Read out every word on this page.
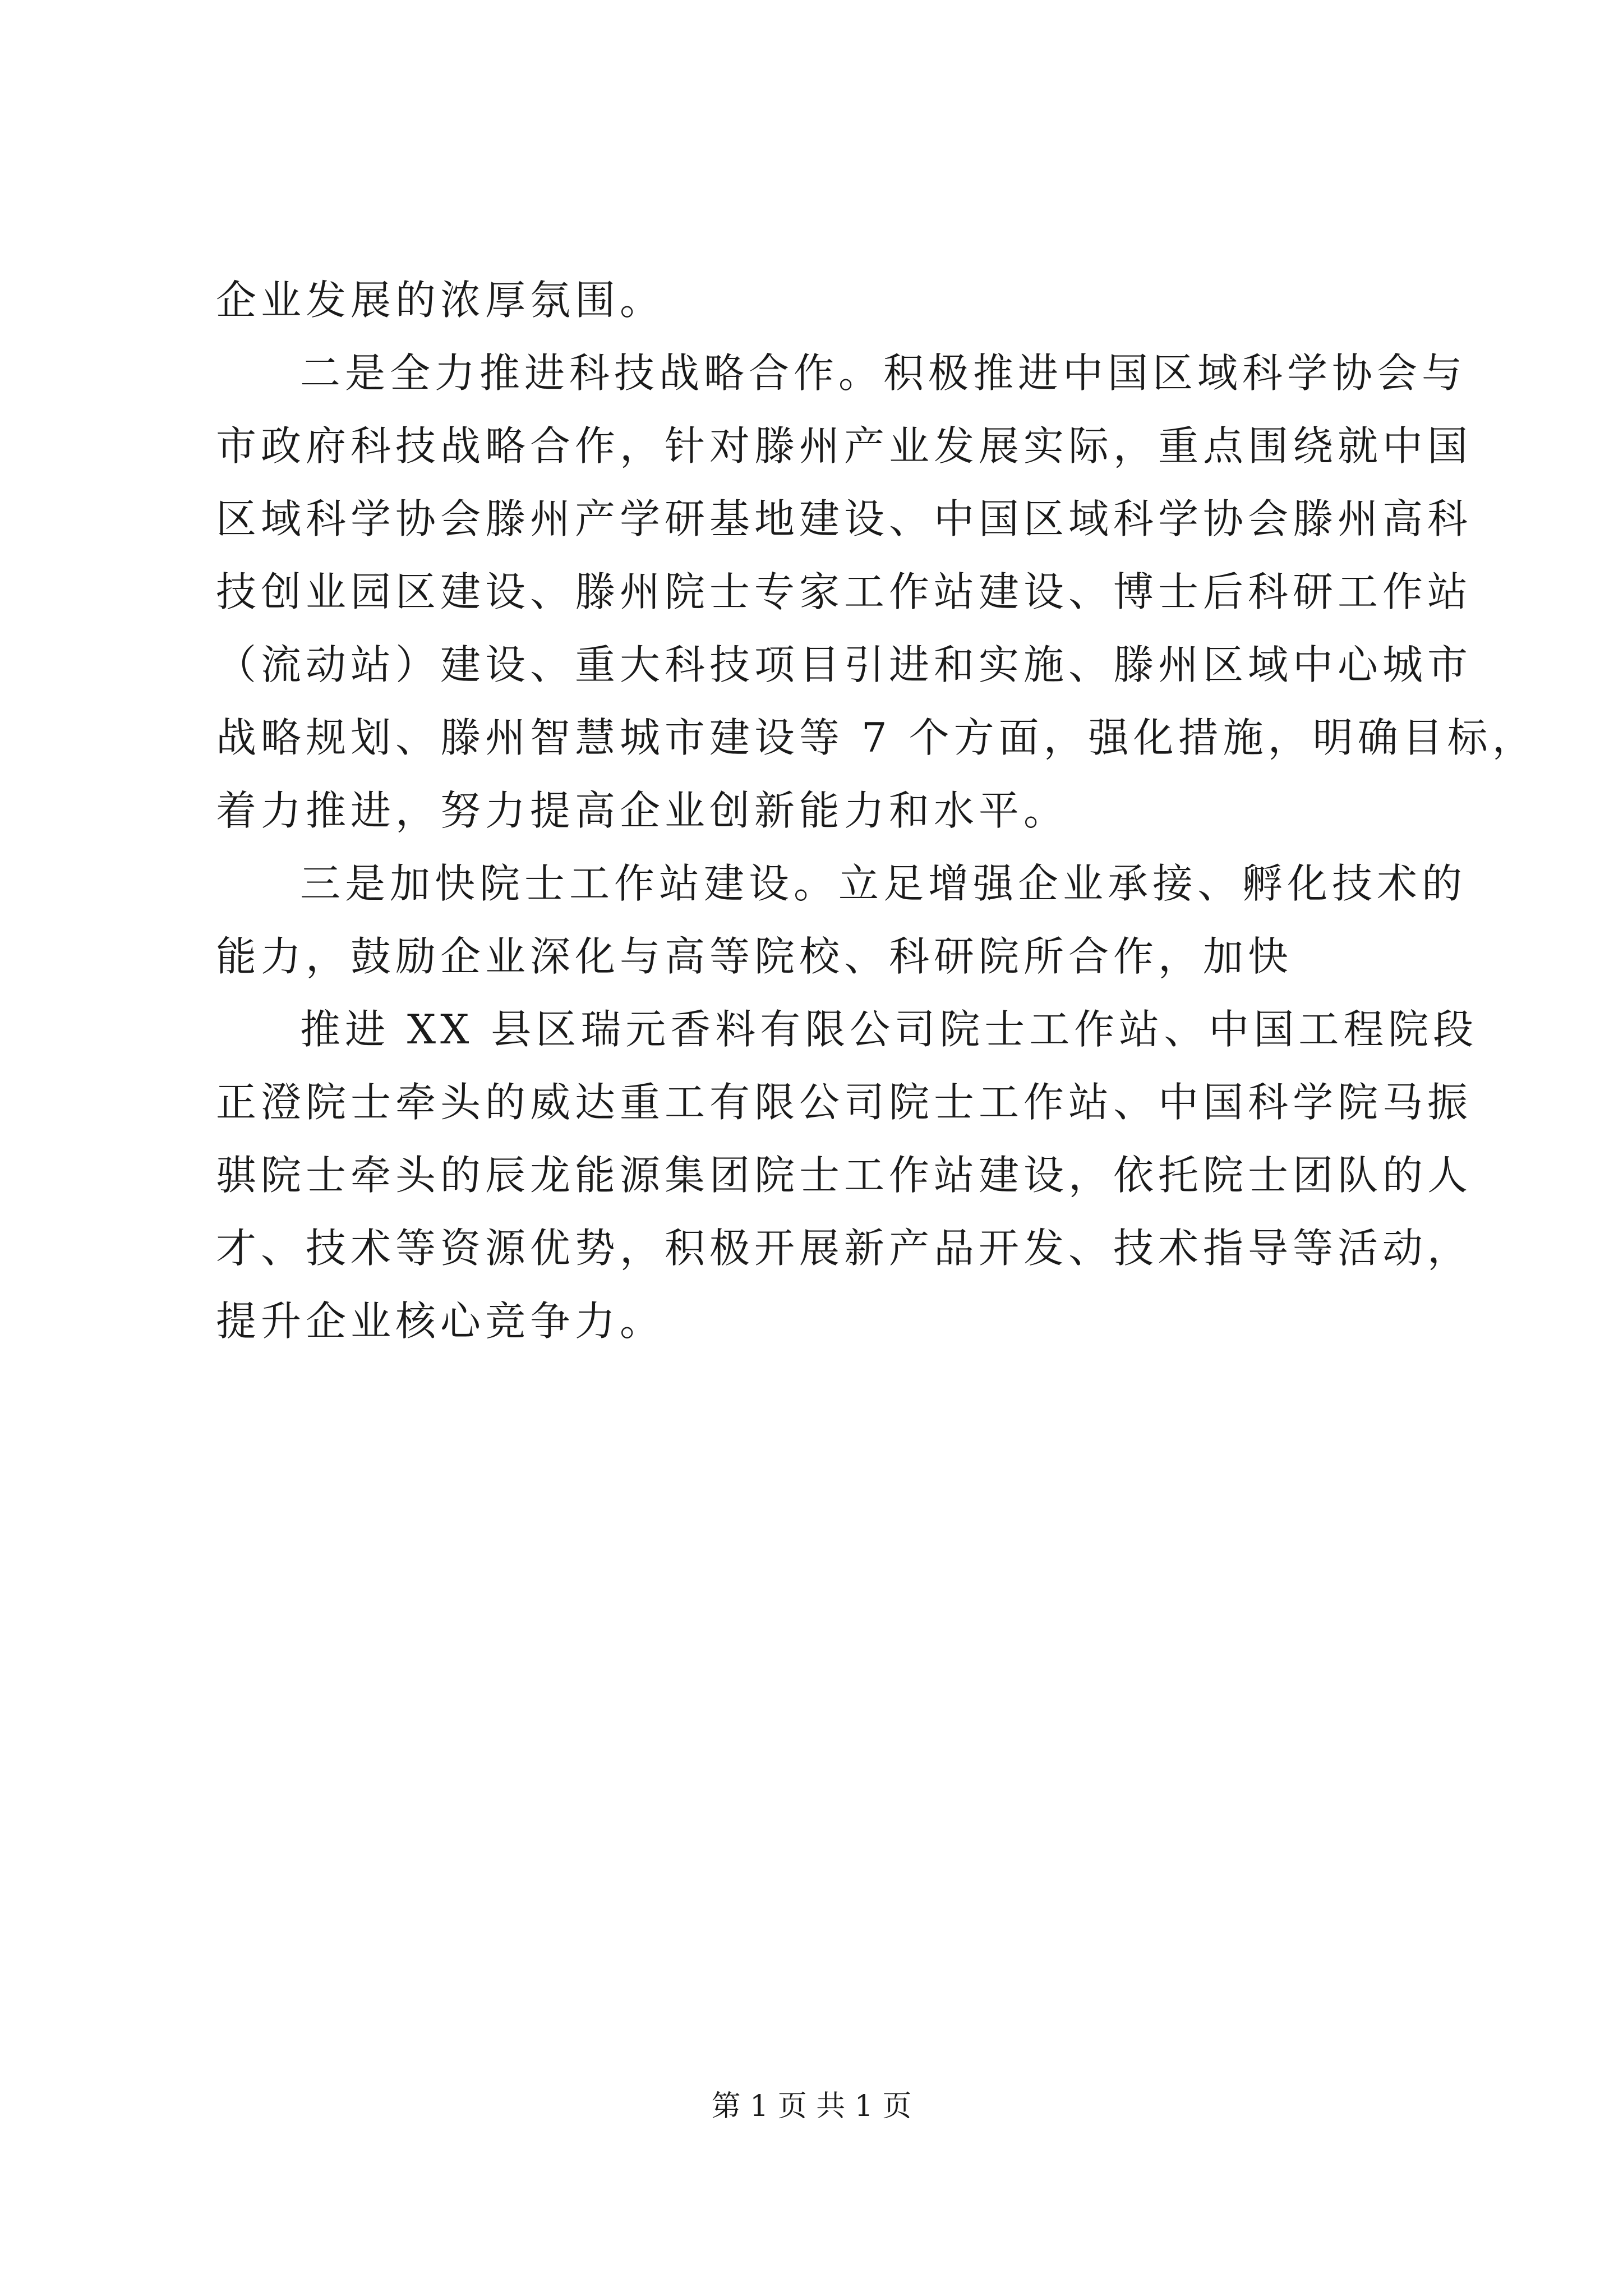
企业发展的浓厚氛围。
二是全力推进科技战略合作。积极推进中国区域科学协会与
市政府科技战略合作，针对滕州产业发展实际，重点围绕就中国
区域科学协会滕州产学研基地建设、中国区域科学协会滕州高科
技创业园区建设、滕州院士专家工作站建设、博士后科研工作站
（流动站）建设、重大科技项目引进和实施、滕州区域中心城市
战略规划、滕州智慧城市建设等 7 个方面，强化措施，明确目标，
着力推进，努力提高企业创新能力和水平。
三是加快院士工作站建设。立足增强企业承接、孵化技术的
能力，鼓励企业深化与高等院校、科研院所合作，加快
推进 XX 县区瑞元香料有限公司院士工作站、中国工程院段
正澄院士牵头的威达重工有限公司院士工作站、中国科学院马振
骐院士牵头的辰龙能源集团院士工作站建设，依托院士团队的人
才、技术等资源优势，积极开展新产品开发、技术指导等活动，
提升企业核心竞争力。
第 1 页 共 1 页
